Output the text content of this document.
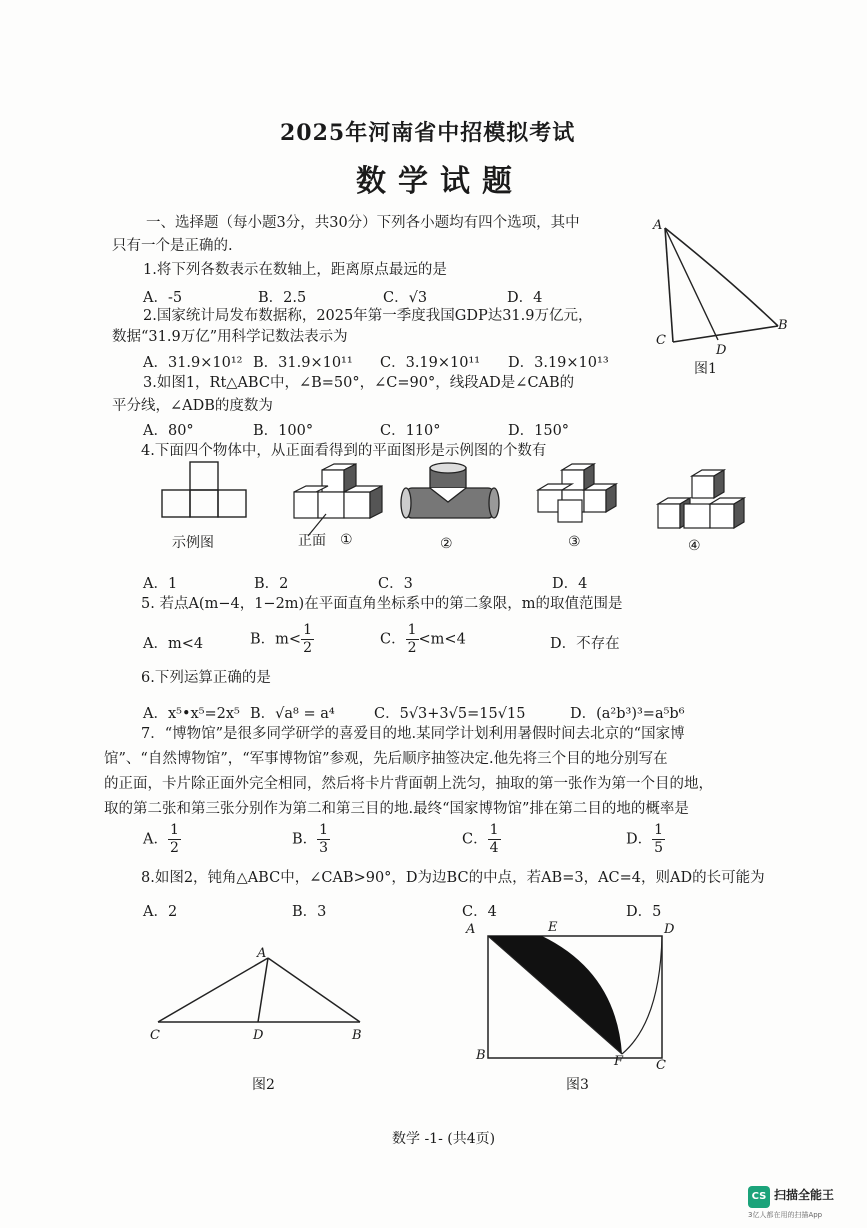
2025年河南省中招模拟考试
数学试题
一、选择题（每小题3分，共30分）下列各小题均有四个选项，其中
只有一个是正确的.
1.将下列各数表示在数轴上，距离原点最远的是
A．-5	B．2.5	C．√3	D．4
2.国家统计局发布数据称，2025年第一季度我国GDP达31.9万亿元，
数据“31.9万亿”用科学记数法表示为
A．31.9×10¹² B．31.9×10¹¹ C．3.19×10¹¹ D．3.19×10¹³
3.如图1，Rt△ABC中，∠B=50°，∠C=90°，线段AD是∠CAB的
平分线，∠ADB的度数为
A．80°	B．100°	C．110°	D．150°
A
C
D
B
图1
4.下面四个物体中，从正面看得到的平面图形是示例图的个数有
示例图	正面 ①	②	③	④
A．1	B．2	C．3	D．4
5. 若点A(m−4，1−2m)在平面直角坐标系中的第二象限，m的取值范围是
A．m<4	B．$m< \frac{1}{2}$	C． $\frac{1}{2} <m<4$	D．不存在
6.下列运算正确的是
A．x⁵•x⁵=2x⁵ B．√a⁸ = a⁴	C．5√3+3√5=15√15	D．(a²b³)³=a⁵b⁶
7．“博物馆”是很多同学研学的喜爱目的地.某同学计划利用暑假时间去北京的“国家博
馆”、“自然博物馆”，“军事博物馆”参观，先后顺序抽签决定.他先将三个目的地分别写在
的正面，卡片除正面外完全相同，然后将卡片背面朝上洗匀，抽取的第一张作为第一个目的地，
取的第二张和第三张分别作为第二和第三目的地.最终“国家博物馆”排在第二目的地的概率是
A． $\frac{1}{2}$	B． $\frac{1}{3}$	C． $\frac{1}{4}$	D． $\frac{1}{5}$
8.如图2，钝角△ABC中，∠CAB>90°，D为边BC的中点，若AB=3，AC=4，则AD的长可能为
A．2	B．3	C．4	D．5
A
C	D	B
图2
A	E	D
B	F	C
图3
数学 -1- (共4页)
CS 扫描全能王
3亿人都在用的扫描App
